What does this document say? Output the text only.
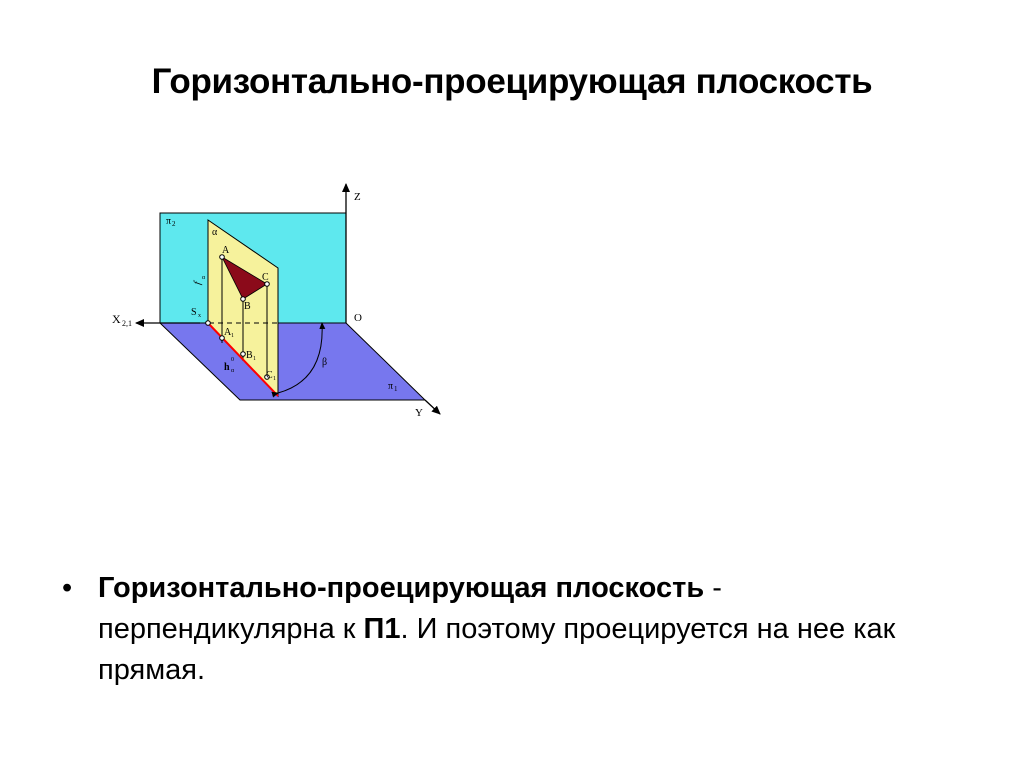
Горизонтально-проецирующая плоскость
Z
O
X 2,1
Y
π 2
π 1
α
f
α
h
0
α
S x
A
C
B
A 1
B 1
C 1
β
• Горизонтально-проецирующая плоскость - перпендикулярна к П1. И поэтому проецируется на нее как прямая.
